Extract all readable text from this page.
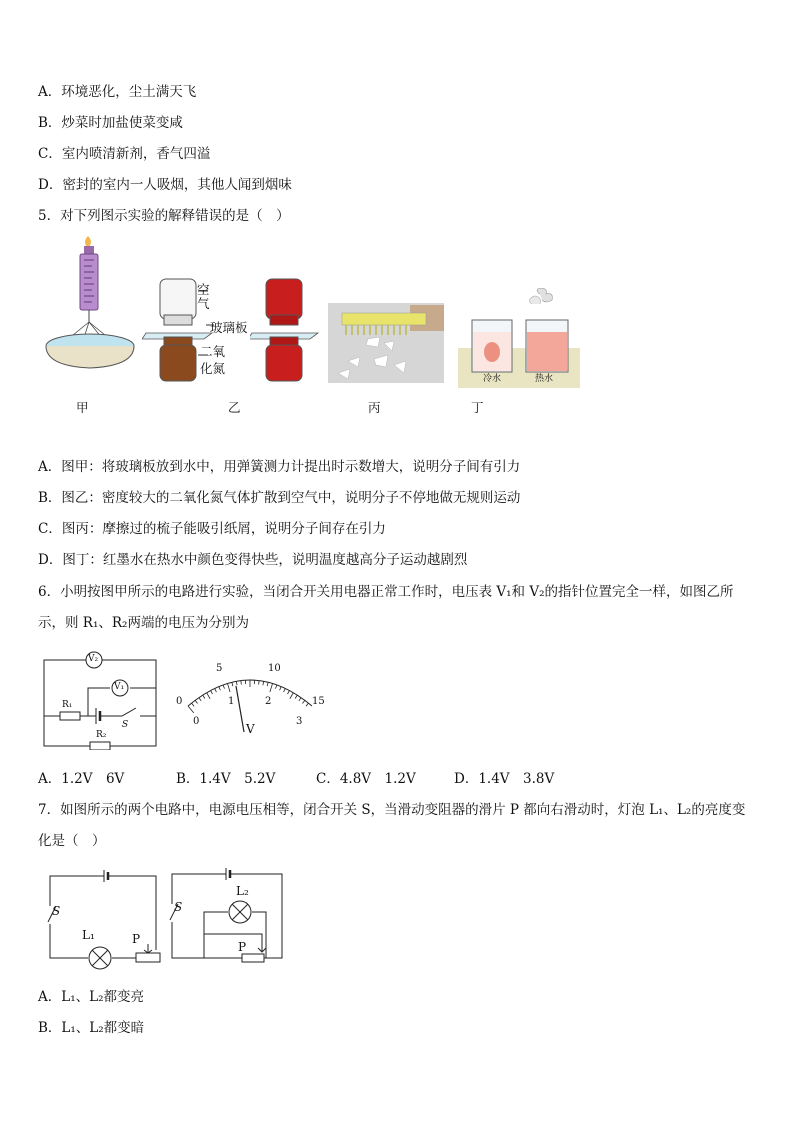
A．环境恶化，尘土满天飞
B．炒菜时加盐使菜变咸
C．室内喷清新剂，香气四溢
D．密封的室内一人吸烟，其他人闻到烟味
5．对下列图示实验的解释错误的是（　）
空气
玻璃板
二氧化氮
冷水	热水
甲	乙	丙	丁
A．图甲：将玻璃板放到水中，用弹簧测力计提出时示数增大，说明分子间有引力
B．图乙：密度较大的二氧化氮气体扩散到空气中，说明分子不停地做无规则运动
C．图丙：摩擦过的梳子能吸引纸屑，说明分子间存在引力
D．图丁：红墨水在热水中颜色变得快些，说明温度越高分子运动越剧烈
6．小明按图甲所示的电路进行实验，当闭合开关用电器正常工作时，电压表 V₁和 V₂的指针位置完全一样，如图乙所
示，则 R₁、R₂两端的电压为分别为
V₂
V₁
R₁
S
R₂
0
5	10
15
0
1	2
3
V
A．1.2V　6V	B．1.4V　5.2V	C．4.8V　1.2V	D．1.4V　3.8V
7．如图所示的两个电路中，电源电压相等，闭合开关 S，当滑动变阻器的滑片 P 都向右滑动时，灯泡 L₁、L₂的亮度变
化是（　）
S
L₁	P
S
L₂
P
A．L₁、L₂都变亮
B．L₁、L₂都变暗
